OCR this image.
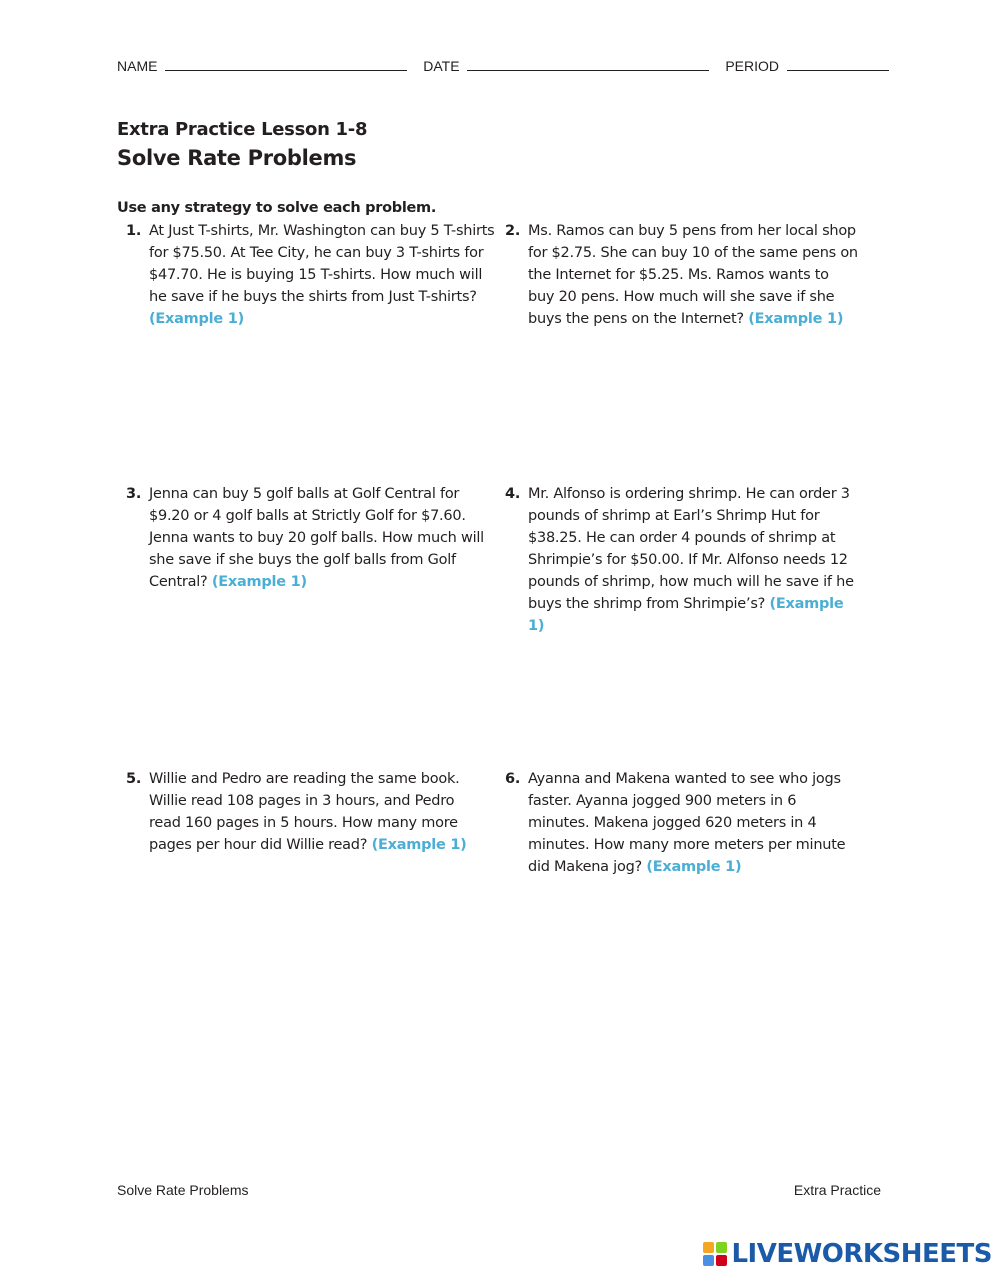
NAME	DATE	PERIOD
Extra Practice Lesson 1-8
Solve Rate Problems
Use any strategy to solve each problem.
1. At Just T-shirts, Mr. Washington can buy 5 T-shirts for $75.50. At Tee City, he can buy 3 T-shirts for $47.70. He is buying 15 T-shirts. How much will he save if he buys the shirts from Just T-shirts? (Example 1)
2. Ms. Ramos can buy 5 pens from her local shop for $2.75. She can buy 10 of the same pens on the Internet for $5.25. Ms. Ramos wants to buy 20 pens. How much will she save if she buys the pens on the Internet? (Example 1)
3. Jenna can buy 5 golf balls at Golf Central for $9.20 or 4 golf balls at Strictly Golf for $7.60. Jenna wants to buy 20 golf balls. How much will she save if she buys the golf balls from Golf Central? (Example 1)
4. Mr. Alfonso is ordering shrimp. He can order 3 pounds of shrimp at Earl’s Shrimp Hut for $38.25. He can order 4 pounds of shrimp at Shrimpie’s for $50.00. If Mr. Alfonso needs 12 pounds of shrimp, how much will he save if he buys the shrimp from Shrimpie’s? (Example 1)
5. Willie and Pedro are reading the same book. Willie read 108 pages in 3 hours, and Pedro read 160 pages in 5 hours. How many more pages per hour did Willie read? (Example 1)
6. Ayanna and Makena wanted to see who jogs faster. Ayanna jogged 900 meters in 6 minutes. Makena jogged 620 meters in 4 minutes. How many more meters per minute did Makena jog? (Example 1)
Solve Rate Problems	Extra Practice
LIVEWORKSHEETS
